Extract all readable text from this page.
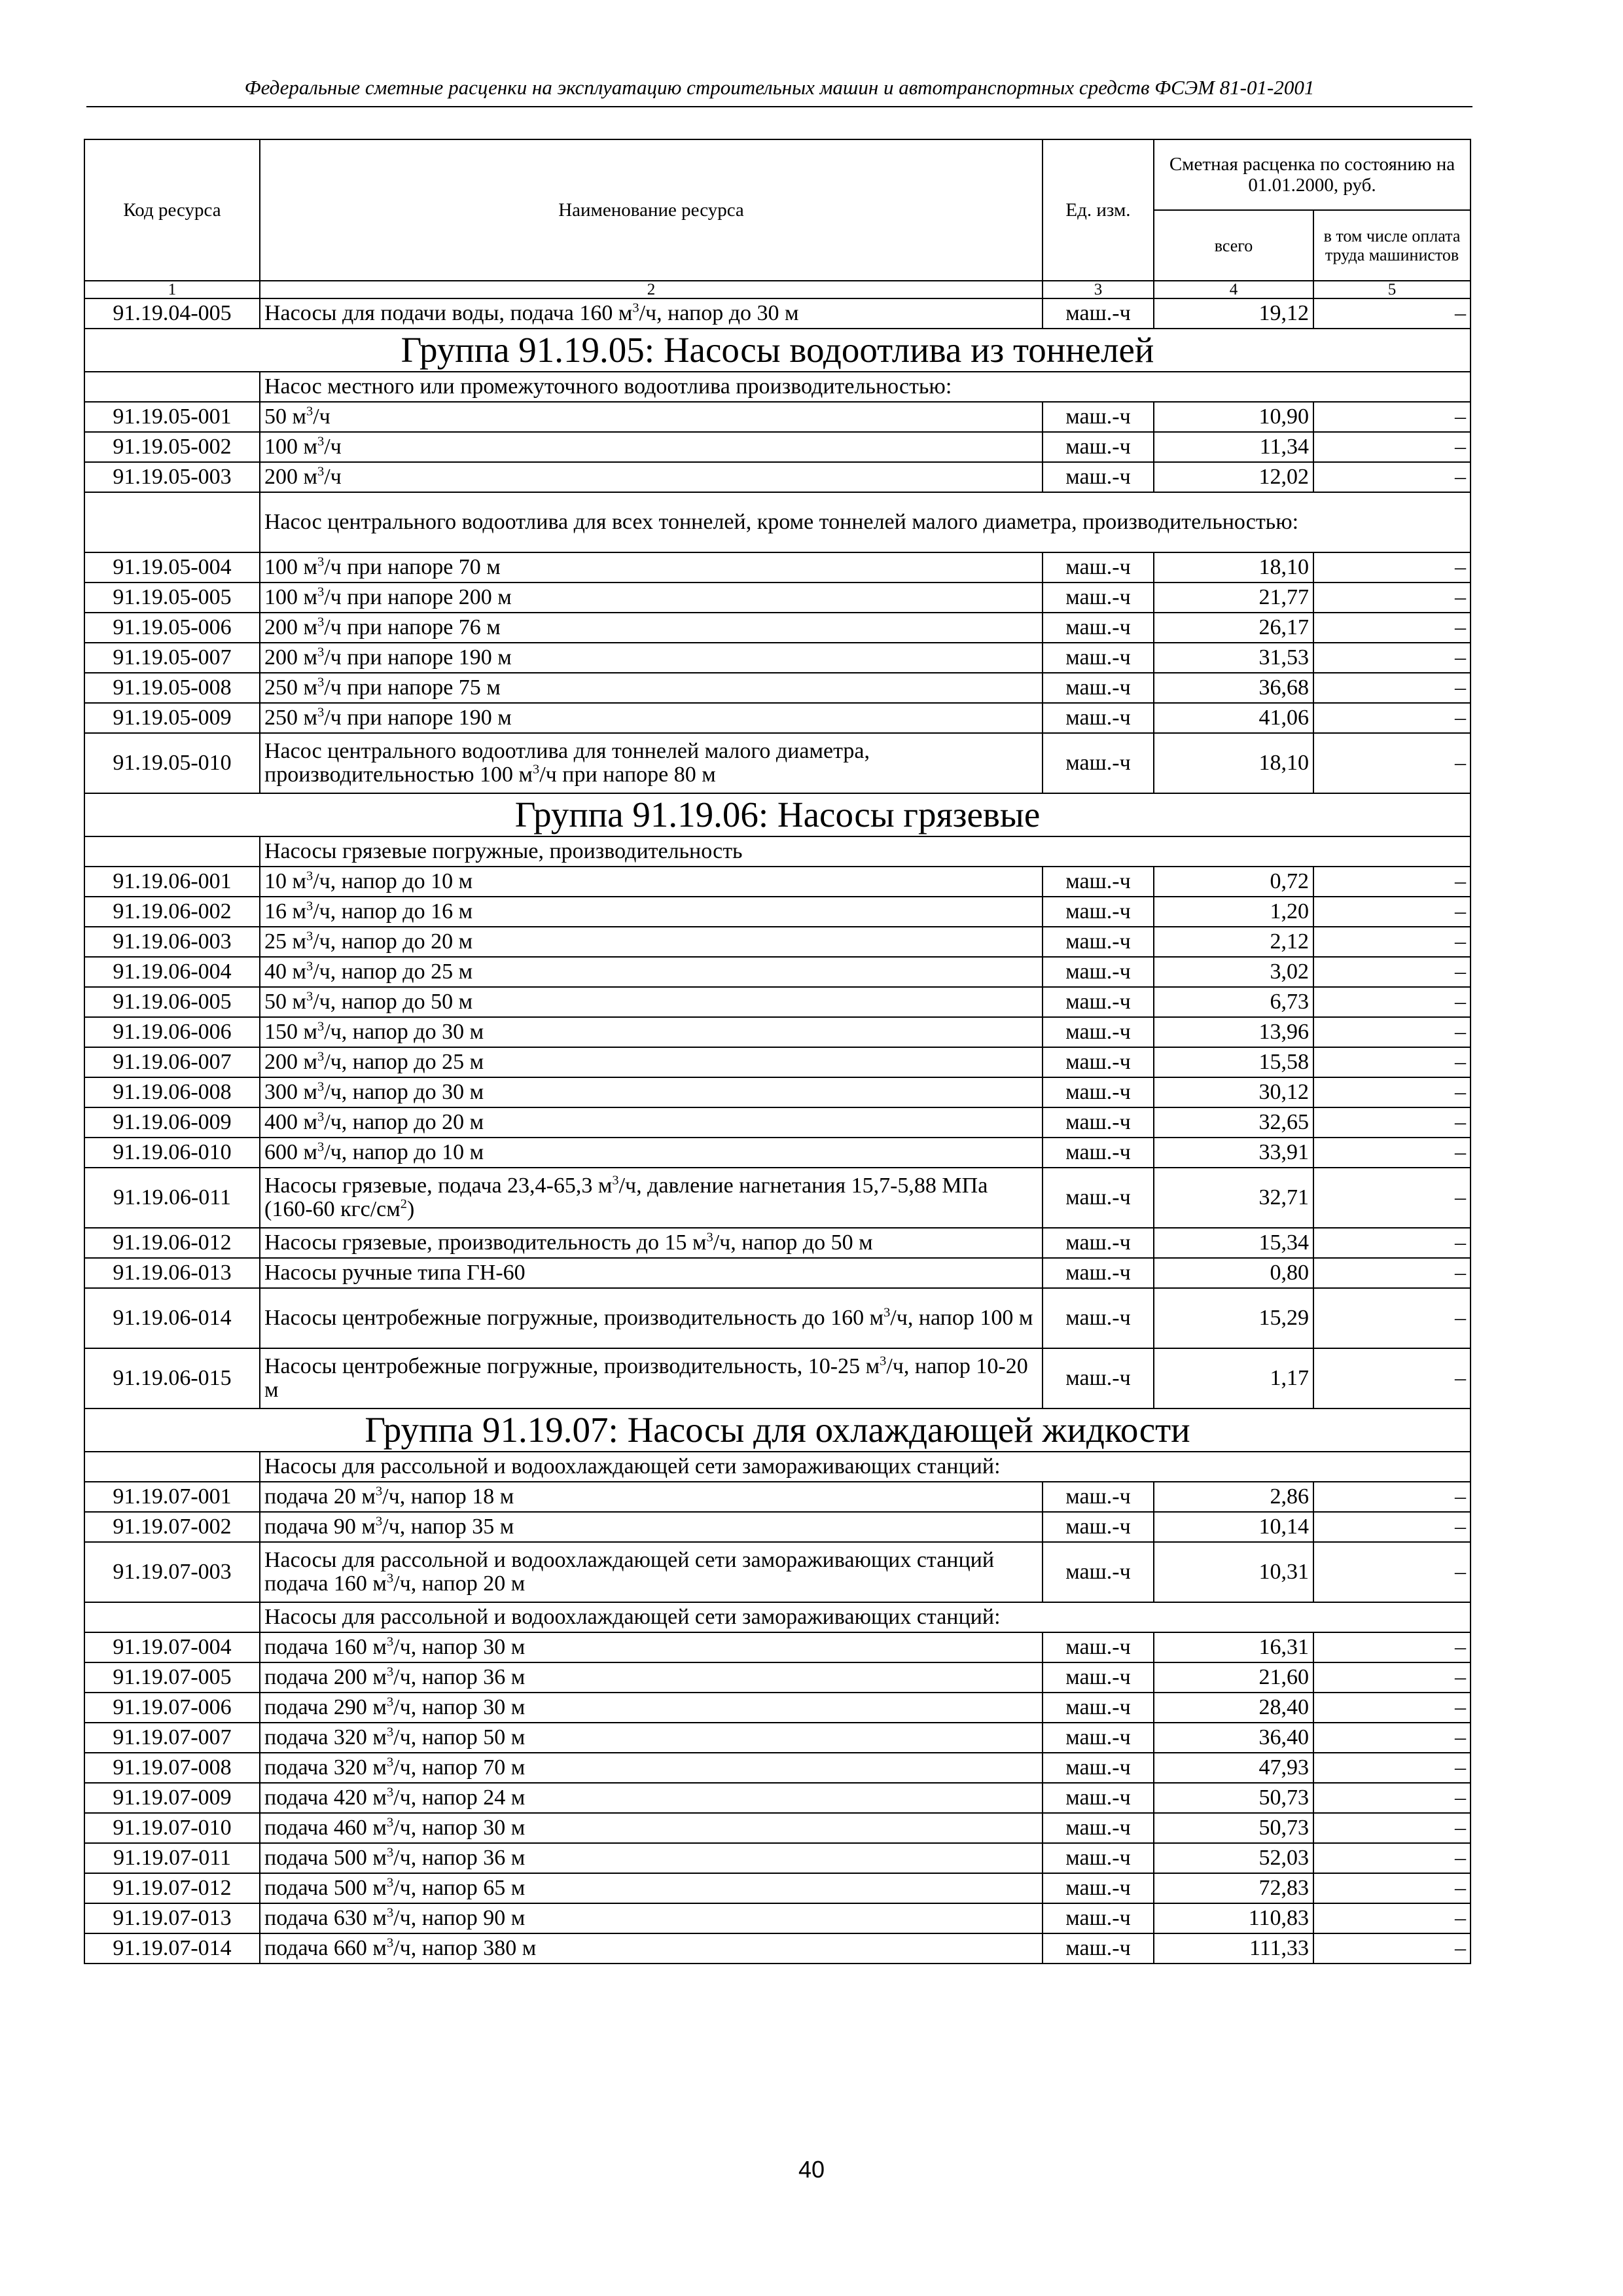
Федеральные сметные расценки на эксплуатацию строительных машин и автотранспортных средств ФСЭМ 81-01-2001
Код ресурса	Наименование ресурса	Ед. изм.	Сметная расценка по состоянию на 01.01.2000, руб.	
			всего	в том числе оплата труда машинистов
1	2	3	4	5
91.19.04-005	Насосы для подачи воды, подача 160 $м^3/ч$, напор до 30 м	маш.-ч	19,12	–
Группа 91.19.05: Насосы водоотлива из тоннелей				
	Насос местного или промежуточного водоотлива производительностью:			
91.19.05-001	50 $м^3/ч$	маш.-ч	10,90	–
91.19.05-002	100 $м^3/ч$	маш.-ч	11,34	–
91.19.05-003	200 $м^3/ч$	маш.-ч	12,02	–
	Насос центрального водоотлива для всех тоннелей, кроме тоннелей малого диаметра, производительностью:			
91.19.05-004	100 $м^3/ч$ при напоре 70 м	маш.-ч	18,10	–
91.19.05-005	100 $м^3/ч$ при напоре 200 м	маш.-ч	21,77	–
91.19.05-006	200 $м^3/ч$ при напоре 76 м	маш.-ч	26,17	–
91.19.05-007	200 $м^3/ч$ при напоре 190 м	маш.-ч	31,53	–
91.19.05-008	250 $м^3/ч$ при напоре 75 м	маш.-ч	36,68	–
91.19.05-009	250 $м^3/ч$ при напоре 190 м	маш.-ч	41,06	–
91.19.05-010	Насос центрального водоотлива для тоннелей малого диаметра, производительностью 100 $м^3/ч$ при напоре 80 м	маш.-ч	18,10	–
Группа 91.19.06: Насосы грязевые				
	Насосы грязевые погружные, производительность			
91.19.06-001	10 $м^3/ч$, напор до 10 м	маш.-ч	0,72	–
91.19.06-002	16 $м^3/ч$, напор до 16 м	маш.-ч	1,20	–
91.19.06-003	25 $м^3/ч$, напор до 20 м	маш.-ч	2,12	–
91.19.06-004	40 $м^3/ч$, напор до 25 м	маш.-ч	3,02	–
91.19.06-005	50 $м^3/ч$, напор до 50 м	маш.-ч	6,73	–
91.19.06-006	150 $м^3/ч$, напор до 30 м	маш.-ч	13,96	–
91.19.06-007	200 $м^3/ч$, напор до 25 м	маш.-ч	15,58	–
91.19.06-008	300 $м^3/ч$, напор до 30 м	маш.-ч	30,12	–
91.19.06-009	400 $м^3/ч$, напор до 20 м	маш.-ч	32,65	–
91.19.06-010	600 $м^3/ч$, напор до 10 м	маш.-ч	33,91	–
91.19.06-011	Насосы грязевые, подача 23,4-65,3 $м^3/ч$, давление нагнетания 15,7-5,88 МПа (160-60 кгс/$см^2$)	маш.-ч	32,71	–
91.19.06-012	Насосы грязевые, производительность до 15 $м^3/ч$, напор до 50 м	маш.-ч	15,34	–
91.19.06-013	Насосы ручные типа ГН-60	маш.-ч	0,80	–
91.19.06-014	Насосы центробежные погружные, производительность до 160 $м^3/ч$, напор 100 м	маш.-ч	15,29	–
91.19.06-015	Насосы центробежные погружные, производительность, 10-25 $м^3/ч$, напор 10-20 м	маш.-ч	1,17	–
Группа 91.19.07: Насосы для охлаждающей жидкости				
	Насосы для рассольной и водоохлаждающей сети замораживающих станций:			
91.19.07-001	подача 20 $м^3/ч$, напор 18 м	маш.-ч	2,86	–
91.19.07-002	подача 90 $м^3/ч$, напор 35 м	маш.-ч	10,14	–
91.19.07-003	Насосы для рассольной и водоохлаждающей сети замораживающих станций подача 160 $м^3/ч$, напор 20 м	маш.-ч	10,31	–
	Насосы для рассольной и водоохлаждающей сети замораживающих станций:			
91.19.07-004	подача 160 $м^3/ч$, напор 30 м	маш.-ч	16,31	–
91.19.07-005	подача 200 $м^3/ч$, напор 36 м	маш.-ч	21,60	–
91.19.07-006	подача 290 $м^3/ч$, напор 30 м	маш.-ч	28,40	–
91.19.07-007	подача 320 $м^3/ч$, напор 50 м	маш.-ч	36,40	–
91.19.07-008	подача 320 $м^3/ч$, напор 70 м	маш.-ч	47,93	–
91.19.07-009	подача 420 $м^3/ч$, напор 24 м	маш.-ч	50,73	–
91.19.07-010	подача 460 $м^3/ч$, напор 30 м	маш.-ч	50,73	–
91.19.07-011	подача 500 $м^3/ч$, напор 36 м	маш.-ч	52,03	–
91.19.07-012	подача 500 $м^3/ч$, напор 65 м	маш.-ч	72,83	–
91.19.07-013	подача 630 $м^3/ч$, напор 90 м	маш.-ч	110,83	–
91.19.07-014	подача 660 $м^3/ч$, напор 380 м	маш.-ч	111,33	–
40
